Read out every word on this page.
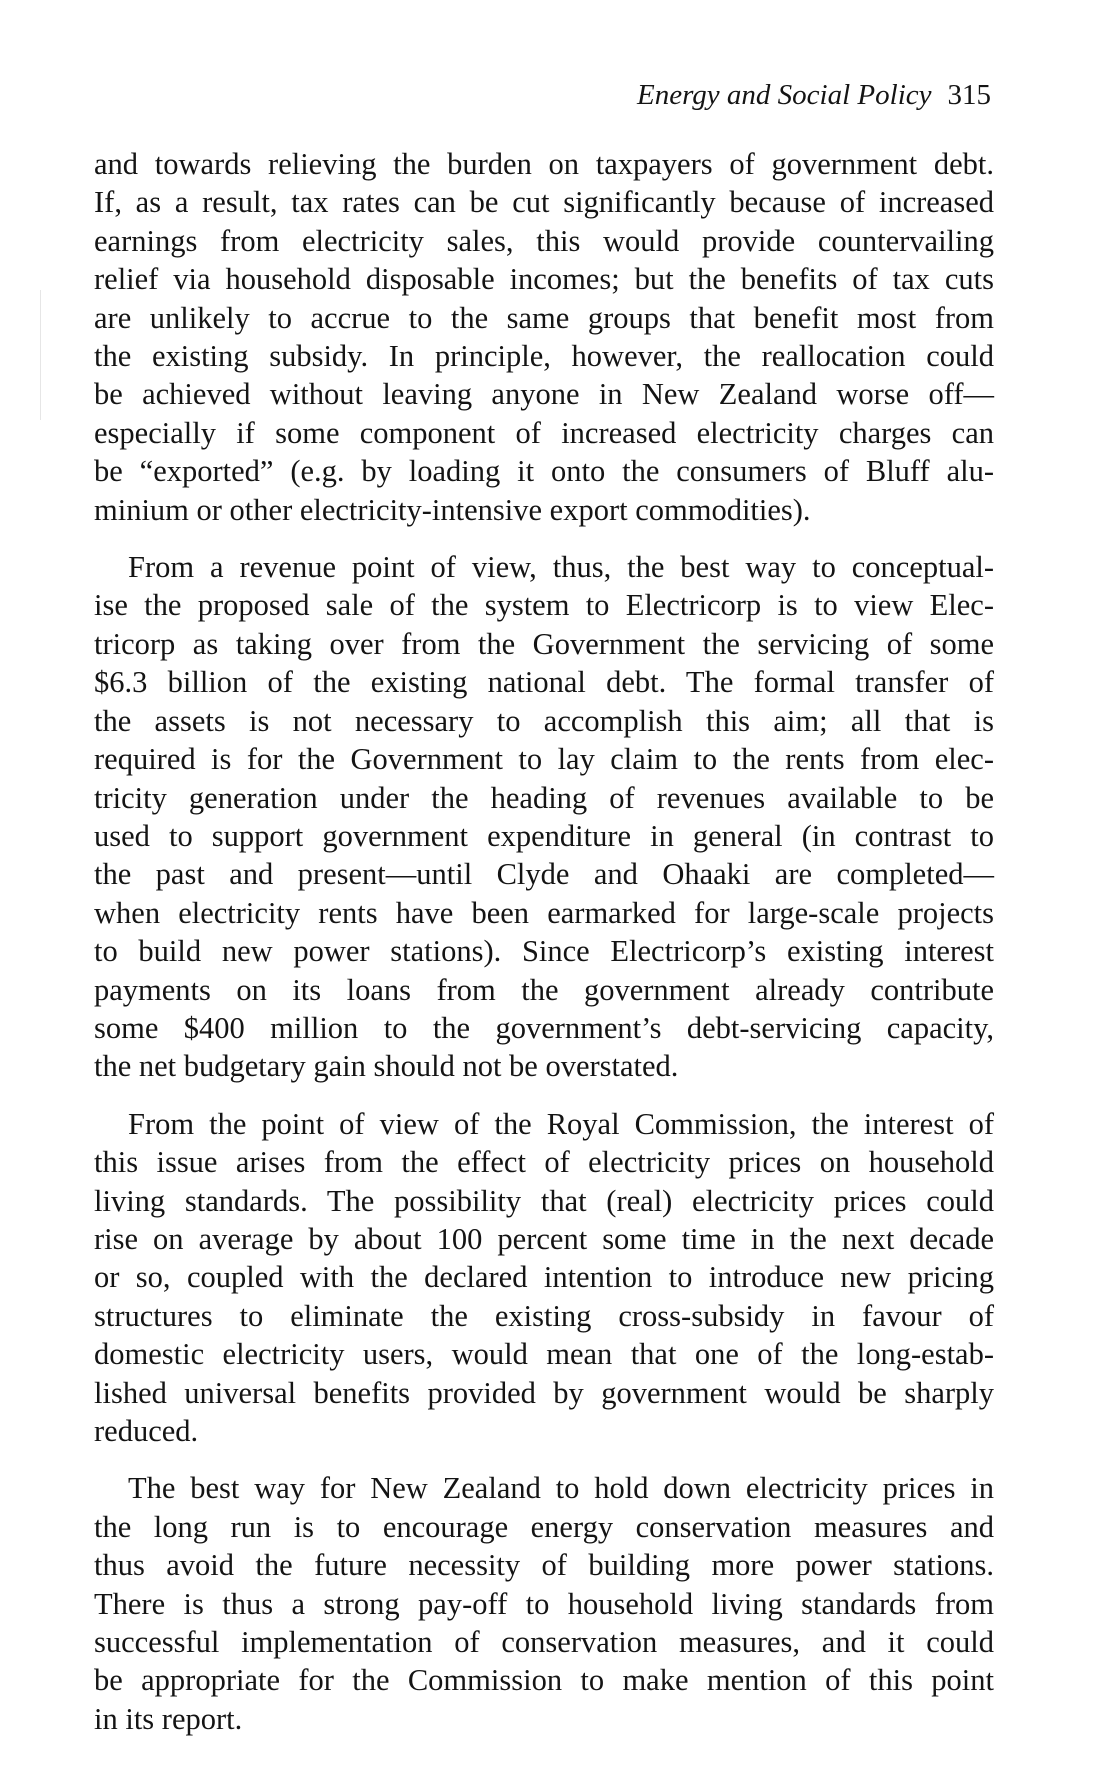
Energy and Social Policy 315

and towards relieving the burden on taxpayers of government debt.
If, as a result, tax rates can be cut significantly because of increased
earnings from electricity sales, this would provide countervailing
relief via household disposable incomes; but the benefits of tax cuts
are unlikely to accrue to the same groups that benefit most from
the existing subsidy. In principle, however, the reallocation could
be achieved without leaving anyone in New Zealand worse off—
especially if some component of increased electricity charges can
be “exported” (e.g. by loading it onto the consumers of Bluff alu-
minium or other electricity-intensive export commodities).

From a revenue point of view, thus, the best way to conceptual-
ise the proposed sale of the system to Electricorp is to view Elec-
tricorp as taking over from the Government the servicing of some
$6.3 billion of the existing national debt. The formal transfer of
the assets is not necessary to accomplish this aim; all that is
required is for the Government to lay claim to the rents from elec-
tricity generation under the heading of revenues available to be
used to support government expenditure in general (in contrast to
the past and present—until Clyde and Ohaaki are completed—
when electricity rents have been earmarked for large-scale projects
to build new power stations). Since Electricorp’s existing interest
payments on its loans from the government already contribute
some $400 million to the government’s debt-servicing capacity,
the net budgetary gain should not be overstated.

From the point of view of the Royal Commission, the interest of
this issue arises from the effect of electricity prices on household
living standards. The possibility that (real) electricity prices could
rise on average by about 100 percent some time in the next decade
or so, coupled with the declared intention to introduce new pricing
structures to eliminate the existing cross-subsidy in favour of
domestic electricity users, would mean that one of the long-estab-
lished universal benefits provided by government would be sharply
reduced.

The best way for New Zealand to hold down electricity prices in
the long run is to encourage energy conservation measures and
thus avoid the future necessity of building more power stations.
There is thus a strong pay-off to household living standards from
successful implementation of conservation measures, and it could
be appropriate for the Commission to make mention of this point
in its report.
